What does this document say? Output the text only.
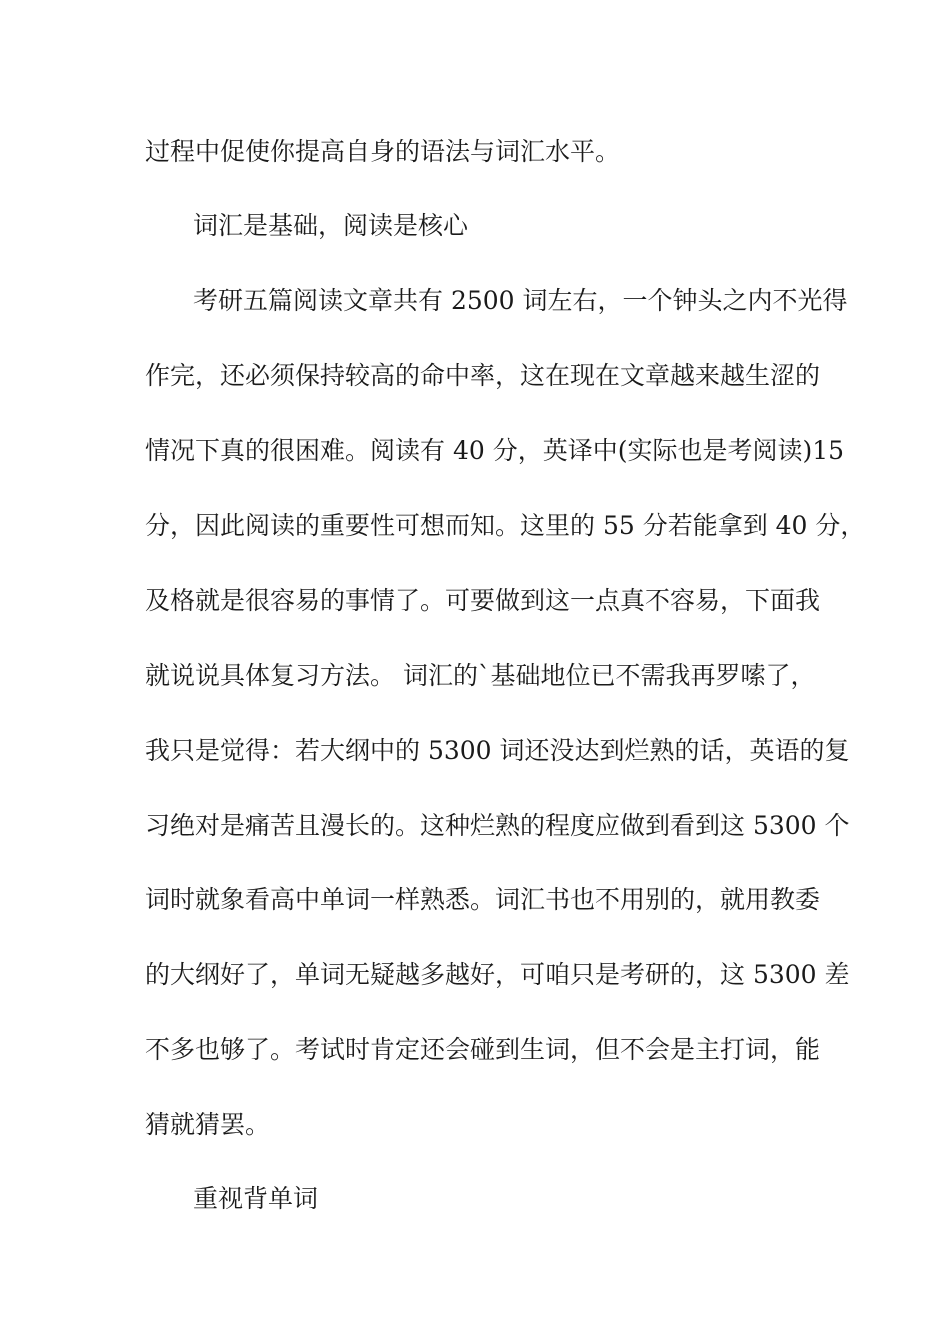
过程中促使你提高自身的语法与词汇水平。
词汇是基础，阅读是核心
考研五篇阅读文章共有 2500 词左右，一个钟头之内不光得
作完，还必须保持较高的命中率，这在现在文章越来越生涩的
情况下真的很困难。阅读有 40 分，英译中(实际也是考阅读)15
分，因此阅读的重要性可想而知。这里的 55 分若能拿到 40 分，
及格就是很容易的事情了。可要做到这一点真不容易，下面我
就说说具体复习方法。 词汇的`基础地位已不需我再罗嗦了，
我只是觉得：若大纲中的 5300 词还没达到烂熟的话，英语的复
习绝对是痛苦且漫长的。这种烂熟的程度应做到看到这 5300 个
词时就象看高中单词一样熟悉。词汇书也不用别的，就用教委
的大纲好了，单词无疑越多越好，可咱只是考研的，这 5300 差
不多也够了。考试时肯定还会碰到生词，但不会是主打词，能
猜就猜罢。
重视背单词
